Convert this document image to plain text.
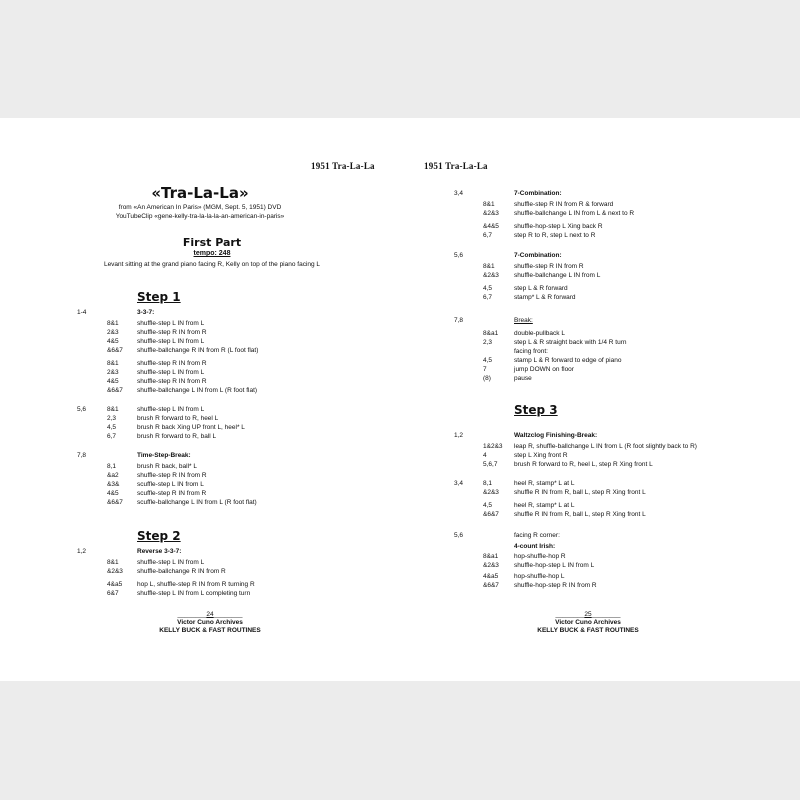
1951 Tra-La-La
«Tra-La-La»
from «An American In Paris» (MGM, Sept. 5, 1951) DVD
YouTubeClip «gene-kelly-tra-la-la-la-an-american-in-paris»
First Part
tempo: 248
Levant sitting at the grand piano facing R, Kelly on top of the piano facing L
Step 1
Step 2
1-4	3-3-7:
8&1	shuffle-step L IN from L
2&3	shuffle-step R IN from R
4&5	shuffle-step L IN from L
&6&7 shuffle-ballchange R IN from R (L foot flat)
8&1	shuffle-step R IN from R
2&3	shuffle-step L IN from L
4&5	shuffle-step R IN from R
&6&7 shuffle-ballchange L IN from L (R foot flat)
5,6	8&1	shuffle-step L IN from L
2,3	brush R forward to R, heel L
4,5	brush R back Xing UP front L, heel* L
6,7	brush R forward to R, ball L
7,8	Time-Step-Break:
8,1	brush R back, ball* L
&a2	shuffle-step R IN from R
&3&	scuffle-step L IN from L
4&5	scuffle-step R IN from R
&6&7 scuffle-ballchange L IN from L (R foot flat)
1,2	Reverse 3-3-7:
8&1	shuffle-step L IN from L
&2&3 shuffle-ballchange R IN from R
4&a5 hop L, shuffle-step R IN from R turning R
6&7	shuffle-step L IN from L completing turn
________24________
Victor Cuno Archives
KELLY BUCK & FAST ROUTINES
1951 Tra-La-La
Step 3
3,4	7-Combination:
8&1	shuffle-step R IN from R & forward
&2&3 shuffle-ballchange L IN from L & next to R
&4&5 shuffle-hop-step L Xing back R
6,7	step R to R, step L next to R
5,6	7-Combination:
8&1	shuffle-step R IN from R
&2&3 shuffle-ballchange L IN from L
4,5	step L & R forward
6,7	stamp* L & R forward
7,8	Break:
8&a1 double-pullback L
2,3	step L & R straight back with 1/4 R turn
facing front:
4,5	stamp L & R forward to edge of piano
7	jump DOWN on floor
(8)	pause
1,2	Waltzclog Finishing-Break:
1&2&3 leap R, shuffle-ballchange L IN from L (R foot slightly back to R)
4	step L Xing front R
5,6,7	brush R forward to R, heel L, step R Xing front L
3,4	8,1	heel R, stamp* L at L
&2&3 shuffle R IN from R, ball L, step R Xing front L
4,5	heel R, stamp* L at L
&6&7 shuffle R IN from R, ball L, step R Xing front L
5,6	facing R corner:
4-count Irish:
8&a1 hop-shuffle-hop R
&2&3 shuffle-hop-step L IN from L
4&a5 hop-shuffle-hop L
&6&7 shuffle-hop-step R IN from R
________25________
Victor Cuno Archives
KELLY BUCK & FAST ROUTINES
